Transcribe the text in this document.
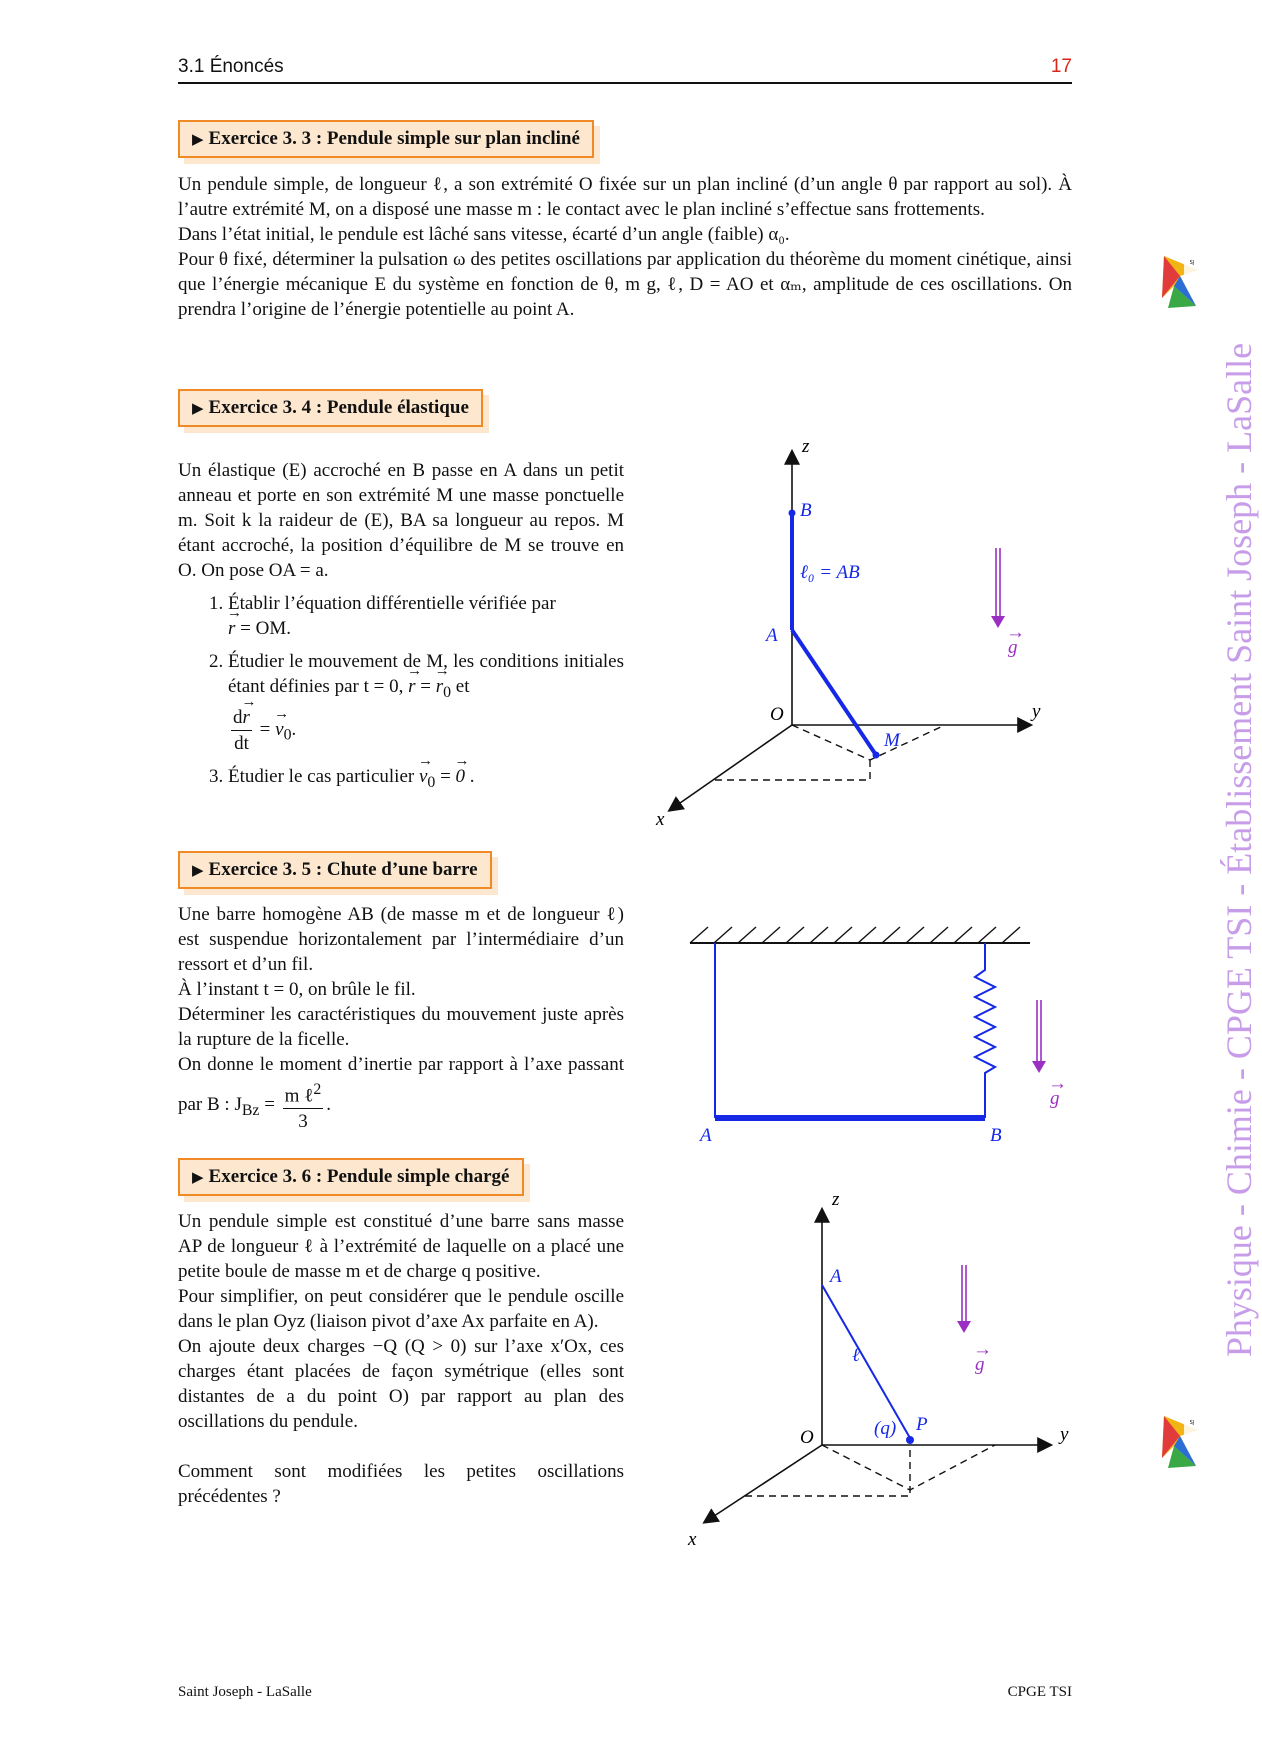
3.1 Énoncés	17
▶ Exercice 3. 3 : Pendule simple sur plan incliné

Un pendule simple, de longueur ℓ, a son extrémité O fixée sur un plan incliné (d’un angle θ par rapport au sol). À l’autre extrémité M, on a disposé une masse m : le contact avec le plan incliné s’effectue sans frottements.

Dans l’état initial, le pendule est lâché sans vitesse, écarté d’un angle (faible) α₀.

Pour θ fixé, déterminer la pulsation ω des petites oscillations par application du théorème du moment cinétique, ainsi que l’énergie mécanique E du système en fonction de θ, m g, ℓ, D = AO et αₘ, amplitude de ces oscillations. On prendra l’origine de l’énergie potentielle au point A.

▶ Exercice 3. 4 : Pendule élastique

Un élastique (E) accroché en B passe en A dans un petit anneau et porte en son extrémité M une masse ponctuelle m. Soit k la raideur de (E), BA sa longueur au repos. M étant accroché, la position d’équilibre de M se trouve en O. On pose OA = a.

1. Établir l’équation différentielle vérifiée par
→ r = OM.
2. Étudier le mouvement de M, les conditions initiales étant définies par t = 0, → r = → $r_0$ et

$\frac{d\to r}{dt}$ = → $v_0$.
3. Étudier le cas particulier → $v_0$ = → 0 .
z
B
ℓ₀ = AB
A
O
M
y
x
g
→
▶ Exercice 3. 5 : Chute d’une barre

Une barre homogène AB (de masse m et de longueur ℓ) est suspendue horizontalement par l’intermédiaire d’un ressort et d’un fil.

À l’instant t = 0, on brûle le fil.

Déterminer les caractéristiques du mouvement juste après la rupture de la ficelle.

On donne le moment d’inertie par rapport à l’axe passant par B : $J_{Bz} = \frac{m \ell^2}{3}$ .

A	B
g
→
▶ Exercice 3. 6 : Pendule simple chargé

Un pendule simple est constitué d’une barre sans masse AP de longueur ℓ à l’extrémité de laquelle on a placé une petite boule de masse m et de charge q positive.

Pour simplifier, on peut considérer que le pendule oscille dans le plan Oyz (liaison pivot d’axe Ax parfaite en A).

On ajoute deux charges −Q (Q > 0) sur l’axe x′Ox, ces charges étant placées de façon symétrique (elles sont distantes de a du point O) par rapport au plan des oscillations du pendule.

Comment sont modifiées les petites oscillations précédentes ?

z
A
ℓ
(q) P
O	y
x
g
→	Physique - Chimie - CPGE TSI - Établissement Saint Joseph - LaSalle
SJ
SJ
Saint Joseph - LaSalle	CPGE TSI
